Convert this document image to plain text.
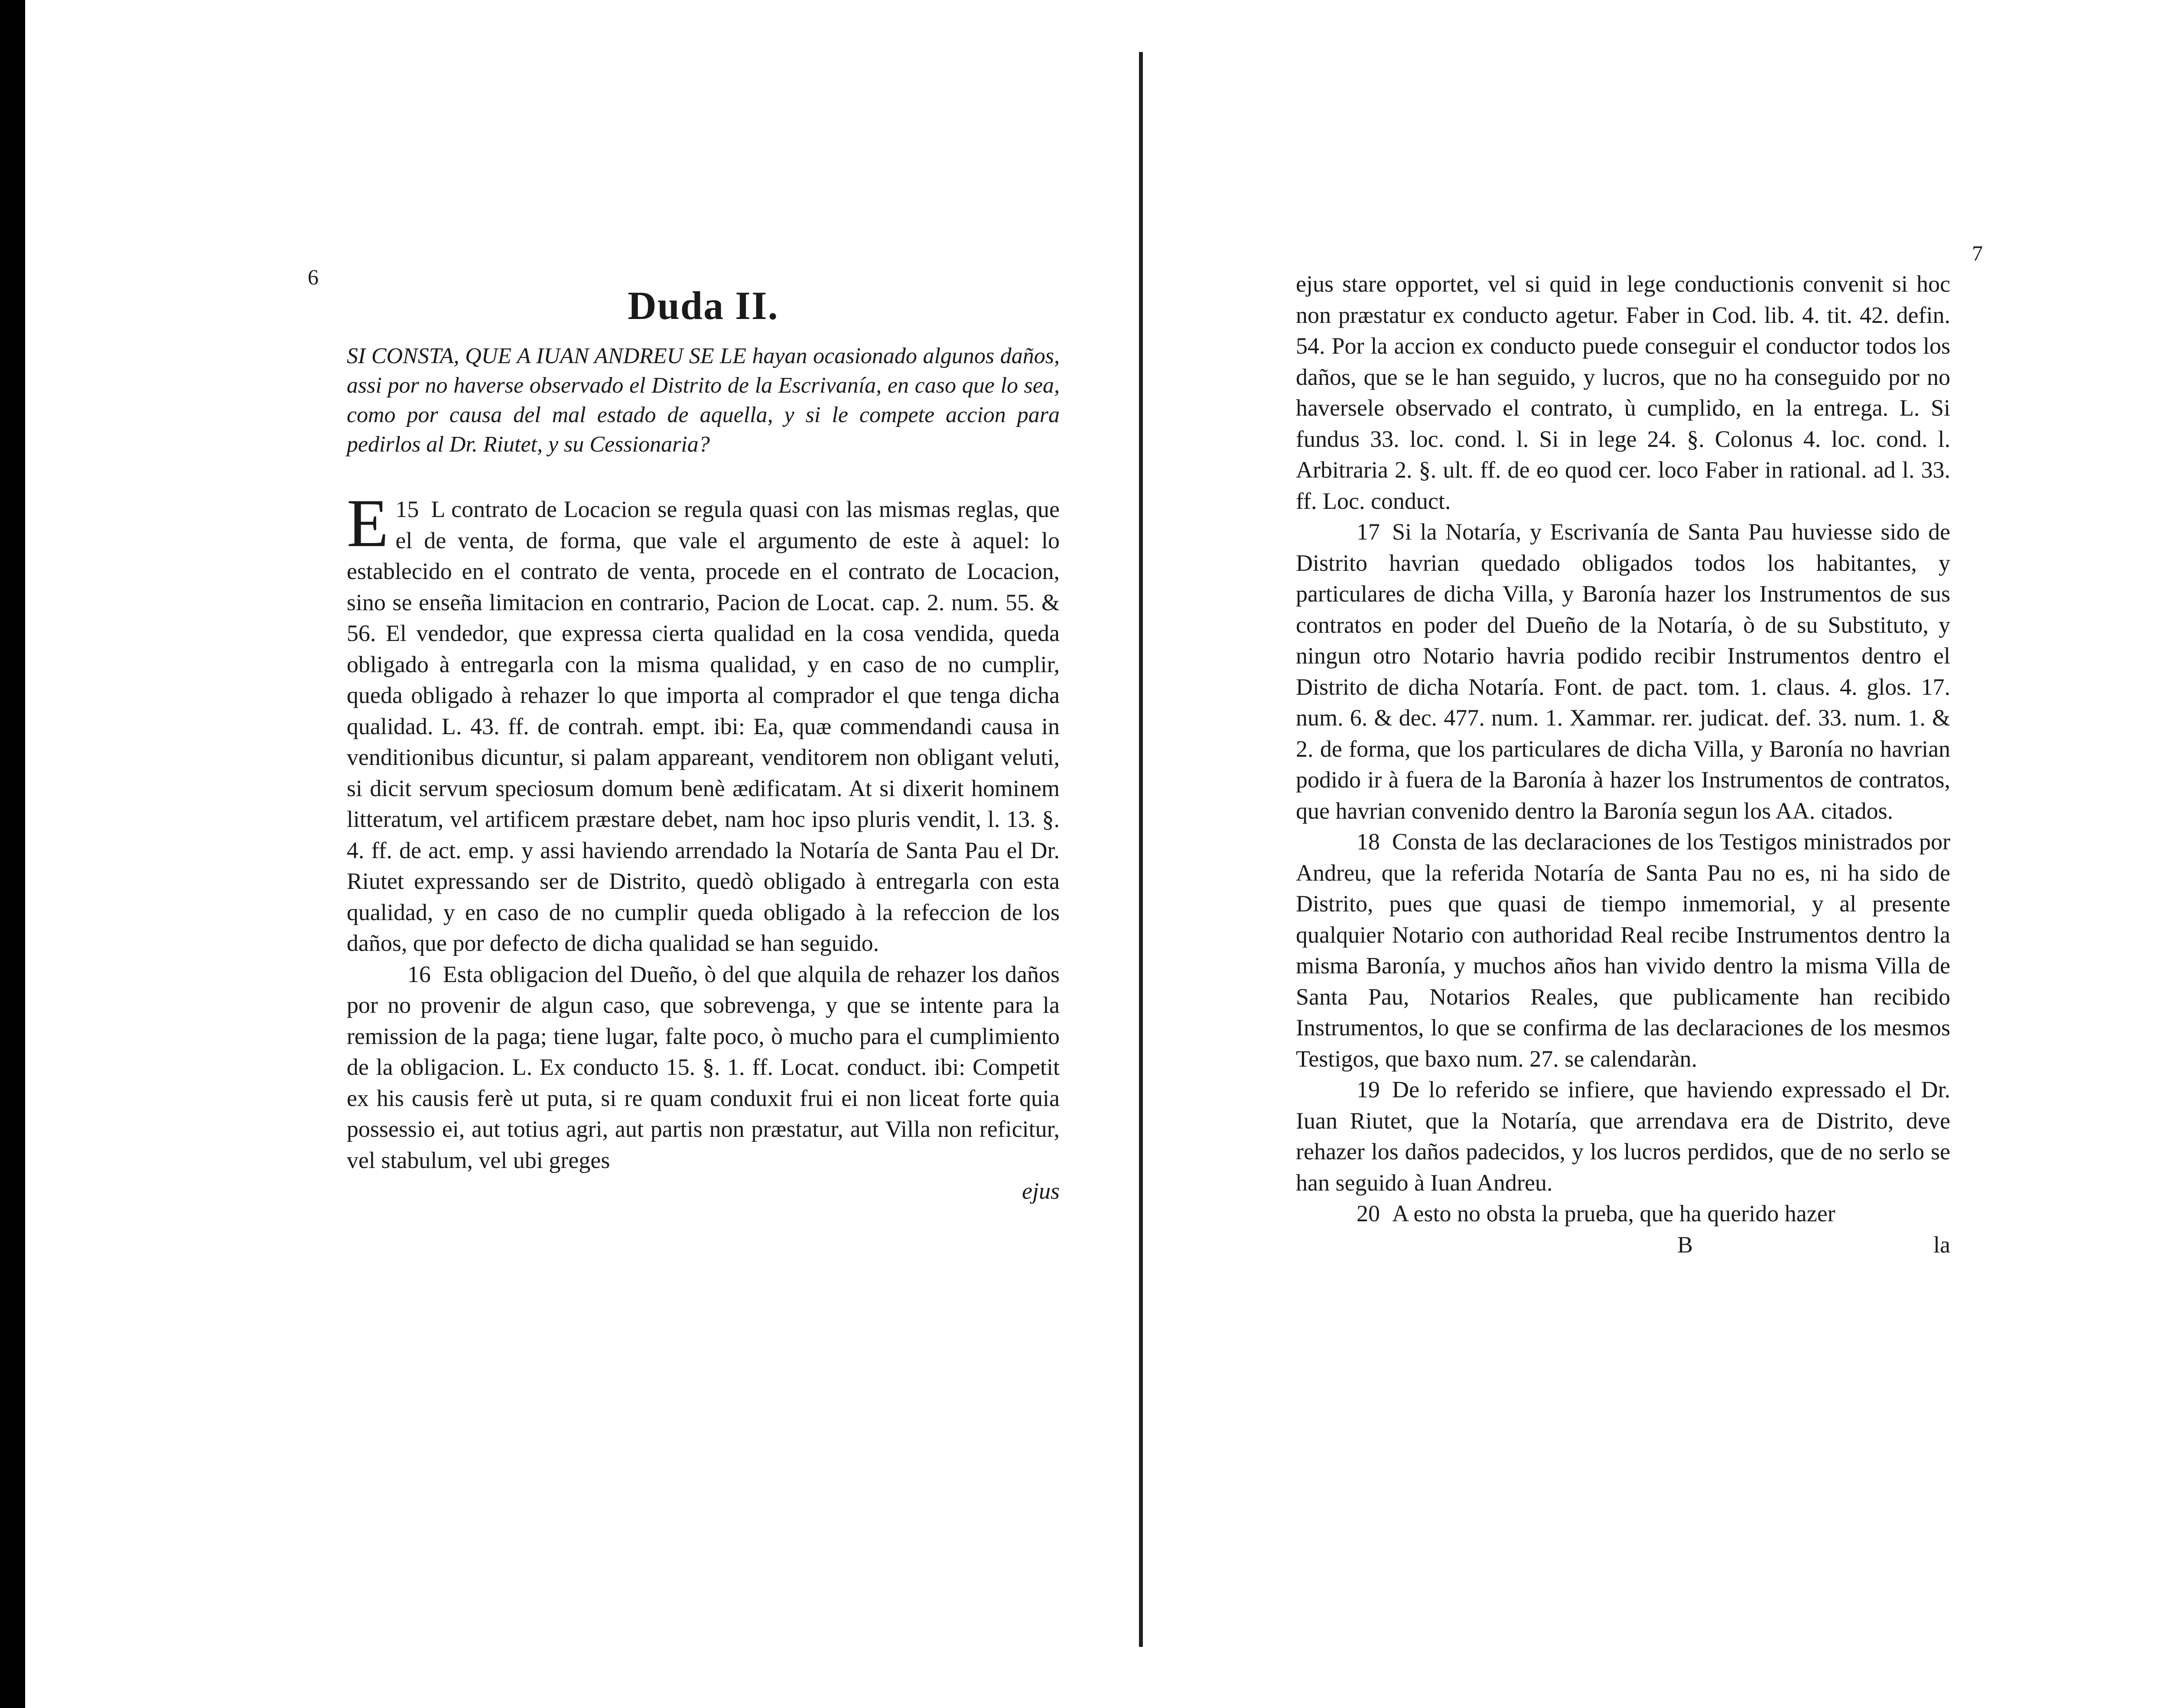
6
Duda II.
SI CONSTA, QUE A IUAN ANDREU SE LE hayan ocasionado algunos daños, assi por no haverse observado el Distrito de la Escrivanía, en caso que lo sea, como por causa del mal estado de aquella, y si le compete accion para pedirlos al Dr. Riutet, y su Cessionaria?

15
E L contrato de Locacion se regula quasi con las mismas reglas, que el de venta, de forma, que vale el argumento de este à aquel: lo establecido en el contrato de venta, procede en el contrato de Locacion, sino se enseña limitacion en contrario, Pacion de Locat. cap. 2. num. 55. & 56. El vendedor, que expressa cierta qualidad en la cosa vendida, queda obligado à entregarla con la misma qualidad, y en caso de no cumplir, queda obligado à rehazer lo que importa al comprador el que tenga dicha qualidad. L. 43. ff. de contrah. empt. ibi: Ea, quæ commendandi causa in venditionibus dicuntur, si palam appareant, venditorem non obligant veluti, si dicit servum speciosum domum benè ædificatam. At si dixerit hominem litteratum, vel artificem præstare debet, nam hoc ipso pluris vendit, l. 13. §. 4. ff. de act. emp. y assi haviendo arrendado la Notaría de Santa Pau el Dr. Riutet expressando ser de Distrito, quedò obligado à entregarla con esta qualidad, y en caso de no cumplir queda obligado à la refeccion de los daños, que por defecto de dicha qualidad se han seguido.

16 Esta obligacion del Dueño, ò del que alquila de rehazer los daños por no provenir de algun caso, que sobrevenga, y que se intente para la remission de la paga; tiene lugar, falte poco, ò mucho para el cumplimiento de la obligacion. L. Ex conducto 15. §. 1. ff. Locat. conduct. ibi: Competit ex his causis ferè ut puta, si re quam conduxit frui ei non liceat forte quia possessio ei, aut totius agri, aut partis non præstatur, aut Villa non reficitur, vel stabulum, vel ubi greges

ejus

7

ejus stare opportet, vel si quid in lege conductionis convenit si hoc non præstatur ex conducto agetur. Faber in Cod. lib. 4. tit. 42. defin. 54. Por la accion ex conducto puede conseguir el conductor todos los daños, que se le han seguido, y lucros, que no ha conseguido por no haversele observado el contrato, ù cumplido, en la entrega. L. Si fundus 33. loc. cond. l. Si in lege 24. §. Colonus 4. loc. cond. l. Arbitraria 2. §. ult. ff. de eo quod cer. loco Faber in rational. ad l. 33. ff. Loc. conduct.

17 Si la Notaría, y Escrivanía de Santa Pau huviesse sido de Distrito havrian quedado obligados todos los habitantes, y particulares de dicha Villa, y Baronía hazer los Instrumentos de sus contratos en poder del Dueño de la Notaría, ò de su Substituto, y ningun otro Notario havria podido recibir Instrumentos dentro el Distrito de dicha Notaría. Font. de pact. tom. 1. claus. 4. glos. 17. num. 6. & dec. 477. num. 1. Xammar. rer. judicat. def. 33. num. 1. & 2. de forma, que los particulares de dicha Villa, y Baronía no havrian podido ir à fuera de la Baronía à hazer los Instrumentos de contratos, que havrian convenido dentro la Baronía segun los AA. citados.

18 Consta de las declaraciones de los Testigos ministrados por Andreu, que la referida Notaría de Santa Pau no es, ni ha sido de Distrito, pues que quasi de tiempo inmemorial, y al presente qualquier Notario con authoridad Real recibe Instrumentos dentro la misma Baronía, y muchos años han vivido dentro la misma Villa de Santa Pau, Notarios Reales, que publicamente han recibido Instrumentos, lo que se confirma de las declaraciones de los mesmos Testigos, que baxo num. 27. se calendaràn.

19 De lo referido se infiere, que haviendo expressado el Dr. Iuan Riutet, que la Notaría, que arrendava era de Distrito, deve rehazer los daños padecidos, y los lucros perdidos, que de no serlo se han seguido à Iuan Andreu.

20 A esto no obsta la prueba, que ha querido hazer

B	la
